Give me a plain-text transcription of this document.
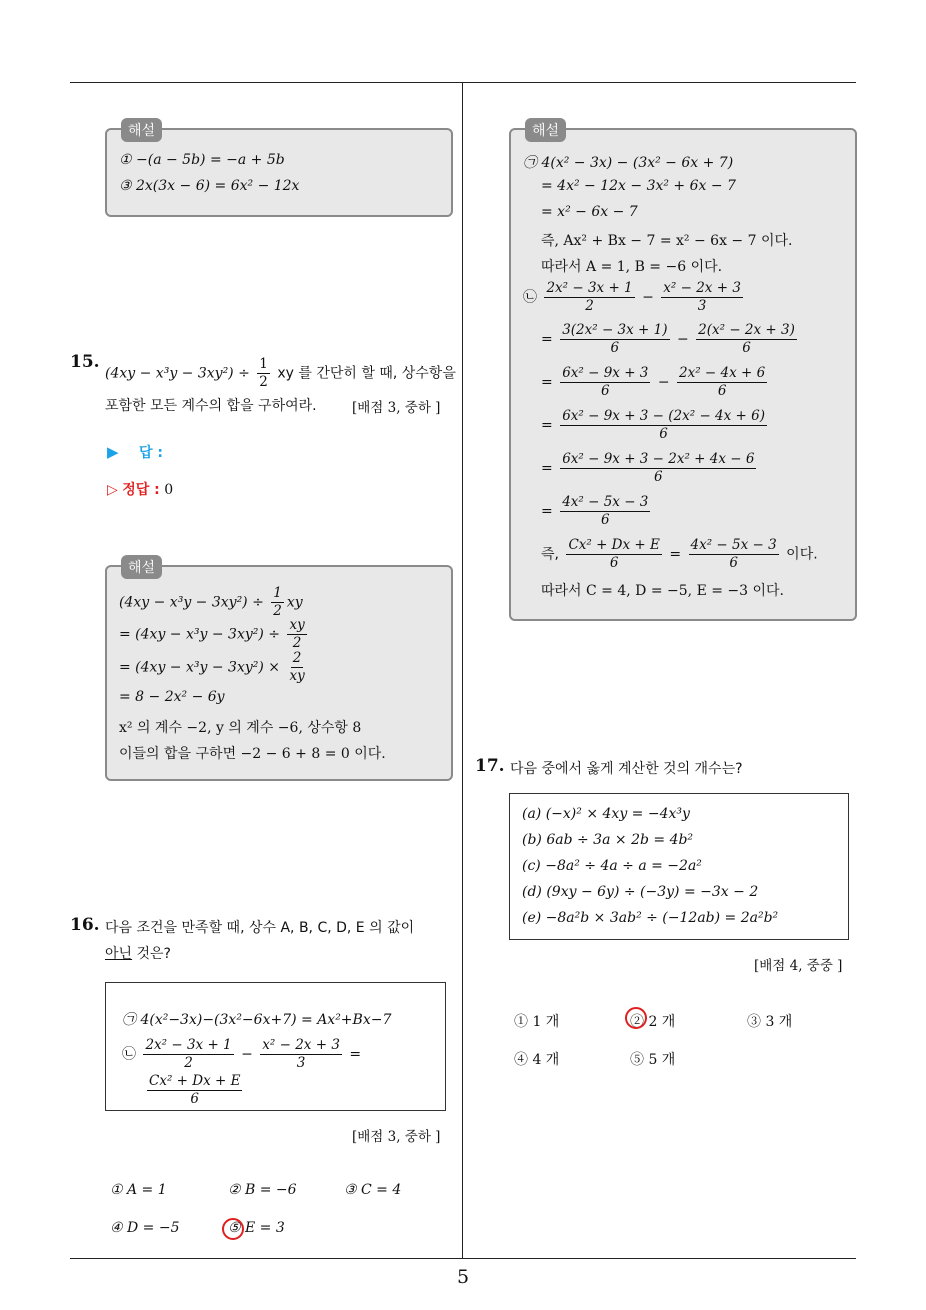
5
해설
① −(a − 5b) = −a + 5b
③ 2x(3x − 6) = 6x² − 12x
15.
$(4xy - x^3y - 3xy^2) \div \frac{1}{2}$ xy 를 간단히 할 때, 상수항을
포함한 모든 계수의 합을 구하여라.	[배점 3, 중하 ]
▶ 답 :
▷ 정답 : 0
해설
$(4xy - x^3y - 3xy^2) \div \frac{1}{2}$ xy
= $(4xy - x^3y - 3xy^2) \div \frac{xy}{2}$
= $(4xy - x^3y - 3xy^2) \times \frac{2}{xy}$
= 8 − 2x² − 6y
x² 의 계수 −2, y 의 계수 −6, 상수항 8
이들의 합을 구하면 −2 − 6 + 8 = 0 이다.
16. 다음 조건을 만족할 때, 상수 A, B, C, D, E 의 값이
아닌 것은?
㉠ 4(x²−3x)−(3x²−6x+7) = Ax²+Bx−7
㉡ $\frac{\text{2x² − 3x + 1}}{2} - \frac{\text{x² − 2x + 3}}{3}$ =
$\frac{\text{Cx² + Dx + E}}{6}$
[배점 3, 중하 ]
① A = 1	② B = −6	③ C = 4
④ D = −5	⑤ E = 3
해설
㉠ 4(x² − 3x) − (3x² − 6x + 7)
= 4x² − 12x − 3x² + 6x − 7
= x² − 6x − 7
즉, Ax² + Bx − 7 = x² − 6x − 7 이다.
따라서 A = 1, B = −6 이다.
㉡ $\frac{\text{2x² − 3x + 1}}{2} - \frac{\text{x² − 2x + 3}}{3}$
= $\frac{\text{3(2x² − 3x + 1)}}{6} - \frac{\text{2(x² − 2x + 3)}}{6}$
= $\frac{\text{6x² − 9x + 3}}{6} - \frac{\text{2x² − 4x + 6}}{6}$
= $\frac{\text{6x² − 9x + 3 − (2x² − 4x + 6)}}{6}$
= $\frac{\text{6x² − 9x + 3 − 2x² + 4x − 6}}{6}$
= $\frac{\text{4x² − 5x − 3}}{6}$
즉, $\frac{\text{Cx² + Dx + E}}{6} = \frac{\text{4x² − 5x − 3}}{6}$ 이다.
따라서 C = 4, D = −5, E = −3 이다.
17. 다음 중에서 옳게 계산한 것의 개수는?
(a) (−x)² × 4xy = −4x³y
(b) 6ab ÷ 3a × 2b = 4b²
(c) −8a² ÷ 4a ÷ a = −2a²
(d) (9xy − 6y) ÷ (−3y) = −3x − 2
(e) −8a²b × 3ab² ÷ (−12ab) = 2a²b²
[배점 4, 중중 ]
① 1 개	② 2 개	③ 3 개
④ 4 개	⑤ 5 개
